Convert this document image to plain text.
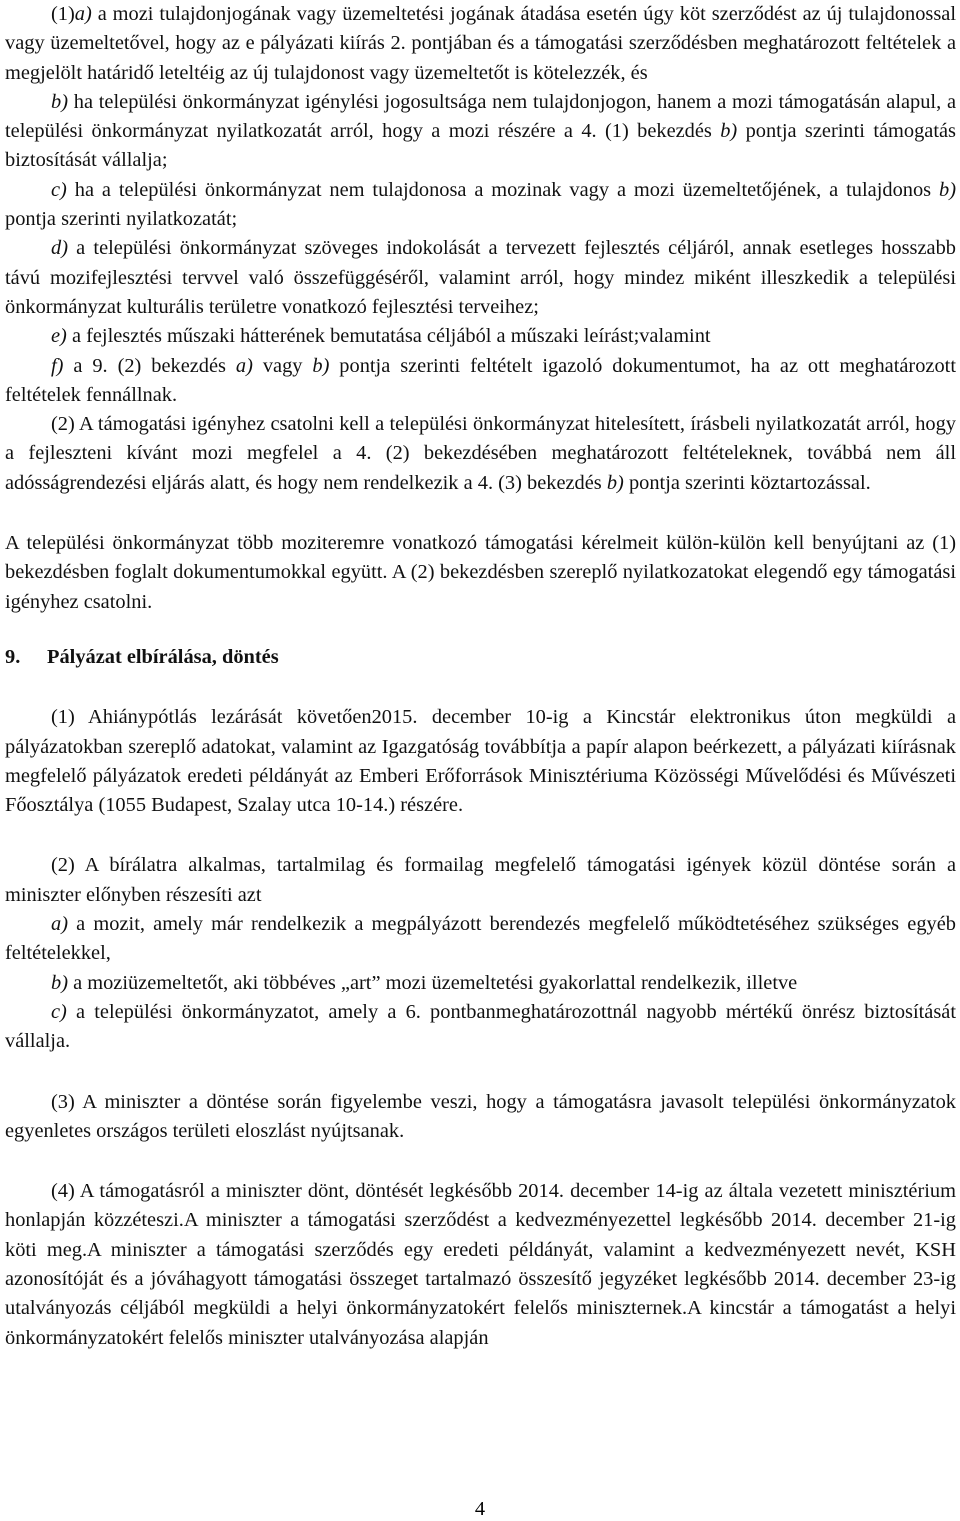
(1)a) a mozi tulajdonjogának vagy üzemeltetési jogának átadása esetén úgy köt szerződést az új tulajdonossal vagy üzemeltetővel, hogy az e pályázati kiírás 2. pontjában és a támogatási szerződésben meghatározott feltételek a megjelölt határidő leteltéig az új tulajdonost vagy üzemeltetőt is kötelezzék, és

b) ha települési önkormányzat igénylési jogosultsága nem tulajdonjogon, hanem a mozi támogatásán alapul, a települési önkormányzat nyilatkozatát arról, hogy a mozi részére a 4. (1) bekezdés b) pontja szerinti támogatás biztosítását vállalja;

c) ha a települési önkormányzat nem tulajdonosa a mozinak vagy a mozi üzemeltetőjének, a tulajdonos b) pontja szerinti nyilatkozatát;

d) a települési önkormányzat szöveges indokolását a tervezett fejlesztés céljáról, annak esetleges hosszabb távú mozifejlesztési tervvel való összefüggéséről, valamint arról, hogy mindez miként illeszkedik a települési önkormányzat kulturális területre vonatkozó fejlesztési terveihez;

e) a fejlesztés műszaki hátterének bemutatása céljából a műszaki leírást;valamint

f) a 9. (2) bekezdés a) vagy b) pontja szerinti feltételt igazoló dokumentumot, ha az ott meghatározott feltételek fennállnak.

(2) A támogatási igényhez csatolni kell a települési önkormányzat hitelesített, írásbeli nyilatkozatát arról, hogy a fejleszteni kívánt mozi megfelel a 4. (2) bekezdésében meghatározott feltételeknek, továbbá nem áll adósságrendezési eljárás alatt, és hogy nem rendelkezik a 4. (3) bekezdés b) pontja szerinti köztartozással.

A települési önkormányzat több moziteremre vonatkozó támogatási kérelmeit külön-külön kell benyújtani az (1) bekezdésben foglalt dokumentumokkal együtt. A (2) bekezdésben szereplő nyilatkozatokat elegendő egy támogatási igényhez csatolni.

9. Pályázat elbírálása, döntés

(1) Ahiánypótlás lezárását követően2015. december 10-ig a Kincstár elektronikus úton megküldi a pályázatokban szereplő adatokat, valamint az Igazgatóság továbbítja a papír alapon beérkezett, a pályázati kiírásnak megfelelő pályázatok eredeti példányát az Emberi Erőforrások Minisztériuma Közösségi Művelődési és Művészeti Főosztálya (1055 Budapest, Szalay utca 10-14.) részére.

(2) A bírálatra alkalmas, tartalmilag és formailag megfelelő támogatási igények közül döntése során a miniszter előnyben részesíti azt

a) a mozit, amely már rendelkezik a megpályázott berendezés megfelelő működtetéséhez szükséges egyéb feltételekkel,

b) a moziüzemeltetőt, aki többéves „art” mozi üzemeltetési gyakorlattal rendelkezik, illetve

c) a települési önkormányzatot, amely a 6. pontbanmeghatározottnál nagyobb mértékű önrész biztosítását vállalja.

(3) A miniszter a döntése során figyelembe veszi, hogy a támogatásra javasolt települési önkormányzatok egyenletes országos területi eloszlást nyújtsanak.

(4) A támogatásról a miniszter dönt, döntését legkésőbb 2014. december 14-ig az általa vezetett minisztérium honlapján közzéteszi.A miniszter a támogatási szerződést a kedvezményezettel legkésőbb 2014. december 21-ig köti meg.A miniszter a támogatási szerződés egy eredeti példányát, valamint a kedvezményezett nevét, KSH azonosítóját és a jóváhagyott támogatási összeget tartalmazó összesítő jegyzéket legkésőbb 2014. december 23-ig utalványozás céljából megküldi a helyi önkormányzatokért felelős miniszternek.A kincstár a támogatást a helyi önkormányzatokért felelős miniszter utalványozása alapján

4
